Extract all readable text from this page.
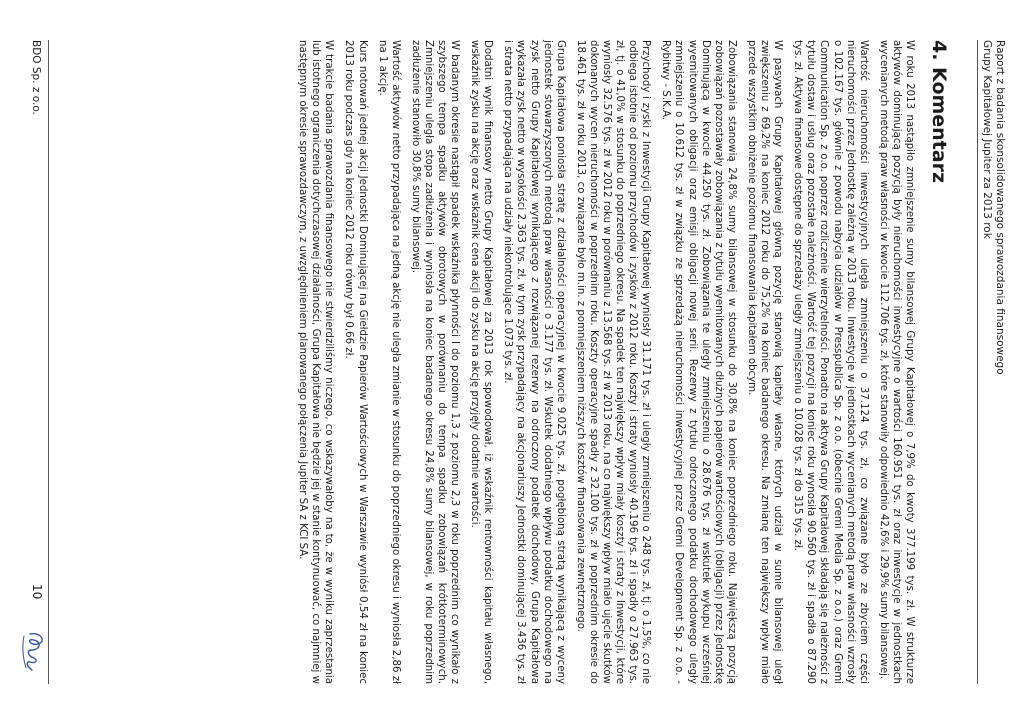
Raport z badania skonsolidowanego sprawozdania finansowego
Grupy Kapitałowej Jupiter za 2013 rok
4. Komentarz

W roku 2013 nastąpiło zmniejszenie sumy bilansowej Grupy Kapitałowej o 7,9% do kwoty 377.199 tys. zł. W strukturze aktywów dominującą pozycją były nieruchomości inwestycyjne o wartości 160.951 tys. zł oraz inwestycje w jednostkach wycenianych metodą praw własności w kwocie 112.706 tys. zł, które stanowiły odpowiednio 42,6% i 29,9% sumy bilansowej.

Wartość nieruchomości inwestycyjnych uległa zmniejszeniu o 37.124 tys. zł, co związane było ze zbyciem części nieruchomości przez Jednostkę zależną w 2013 roku. Inwestycje w jednostkach wycenianych metodą praw własności wzrosły o 102.167 tys. głównie z powodu nabycia udziałów w Presspublica Sp. z o.o. (obecnie Gremi Media Sp. z o.o.) oraz Gremi Communication Sp. z o.o. poprzez rozliczenie wierzytelności. Ponadto na aktywa Grupy Kapitałowej składają się należności z tytułu dostaw i usług oraz pozostałe należności. Wartość tej pozycji na koniec roku wynosiła 90.560 tys. zł i spadła o 87.290 tys. zł. Aktywa finansowe dostępne do sprzedaży uległy zmniejszeniu o 10.028 tys. zł do 315 tys. zł.

W pasywach Grupy Kapitałowej główną pozycję stanowią kapitały własne, których udział w sumie bilansowej uległ zwiększeniu z 69,2% na koniec 2012 roku do 75,2% na koniec badanego okresu. Na zmianę ten największy wpływ miało przede wszystkim obniżenie poziomu finansowania kapitałem obcym.

Zobowiązania stanowią 24,8% sumy bilansowej w stosunku do 30,8% na koniec poprzedniego roku. Największą pozycją zobowiązań pozostawały zobowiązania z tytułu wyemitowanych dłużnych papierów wartościowych (obligacji) przez Jednostkę Dominującą w kwocie 44.250 tys. zł. Zobowiązania te uległy zmniejszeniu o 28.676 tys. zł wskutek wykupu wcześniej wyemitowanych obligacji oraz emisji obligacji nowej serii. Rezerwy z tytułu odroczonego podatku dochodowego uległy zmniejszeniu o 10.612 tys. zł w związku ze sprzedażą nieruchomości inwestycyjnej przez Gremi Development Sp. z o.o. - Rybitwy - S.K.A.

Przychody i zyski z Inwestycji Grupy Kapitałowej wyniosły 31.171 tys. zł i uległy zmniejszeniu o 248 tys. zł, tj. o 1,5%, co nie odbiega istotnie od poziomu przychodów i zysków z 2012 roku. Koszty i straty wyniosły 40.196 tys. zł i spadły o 27.963 tys. zł, tj. o 41,0% w stosunku do poprzedniego okresu. Na spadek ten największy wpływ miały koszty i straty z Inwestycji, które wyniosły 32.576 tys. zł w 2012 roku w porównaniu z 13.568 tys. zł w 2013 roku, na co największy wpływ miało ujęcie skutków dokonanych wycen nieruchomości w poprzednim roku. Koszty operacyjne spadły z 32.100 tys. zł w poprzednim okresie do 18.461 tys. zł w roku 2013, co związane było m.in. z pomniejszeniem niższych kosztów finansowania zewnętrznego.

Grupa Kapitałowa poniosła stratę z działalności operacyjnej w kwocie 9.025 tys. zł, pogłębioną stratą wynikającą z wyceny jednostek stowarzyszonych metodą praw własności o 3.177 tys. zł. Wskutek dodatniego wpływu podatku dochodowego na zysk netto Grupy Kapitałowej wynikającego z rozwiązanej rezerwy na odroczony podatek dochodowy, Grupa Kapitałowa wykazała zysk netto w wysokości 2.363 tys. zł, w tym zysk przypadający na akcjonariuszy Jednostki dominującej 3.436 tys. zł i strata netto przypadająca na udziały niekontrolujące 1.073 tys. zł.

Dodatni wynik finansowy netto Grupy Kapitałowej za 2013 rok spowodował, iż wskaźnik rentowności kapitału własnego, wskaźnik zysku na akcję oraz wskaźnik cena akcji do zysku na akcję przyjęły dodatnie wartości.

W badanym okresie nastąpił spadek wskaźnika płynności I do poziomu 1,3 z poziomu 2,3 w roku poprzednim co wynikało z szybszego tempa spadku aktywów obrotowych w porównaniu do tempa spadku zobowiązań krótkoterminowych. Zmniejszeniu uległa stopa zadłużenia i wyniosła na koniec badanego okresu 24,8% sumy bilansowej, w roku poprzednim zadłużenie stanowiło 30,8% sumy bilansowej.

Wartość aktywów netto przypadająca na jedną akcję nie uległa zmianie w stosunku do poprzedniego okresu i wyniosła 2,86 zł na 1 akcję.

Kurs notowań jednej akcji Jednostki Dominującej na Giełdzie Papierów Wartościowych w Warszawie wyniósł 0,54 zł na koniec 2013 roku podczas gdy na koniec 2012 roku równy był 0,66 zł.

W trakcie badania sprawozdania finansowego nie stwierdziliśmy niczego, co wskazywałoby na to, że w wyniku zaprzestania lub istotnego ograniczenia dotychczasowej działalności, Grupa Kapitałowa nie będzie jej w stanie kontynuować, co najmniej w następnym okresie sprawozdawczym, z uwzględnieniem planowanego połączenia Jupiter SA z KCI SA.

BDO Sp. z o.o.
10
